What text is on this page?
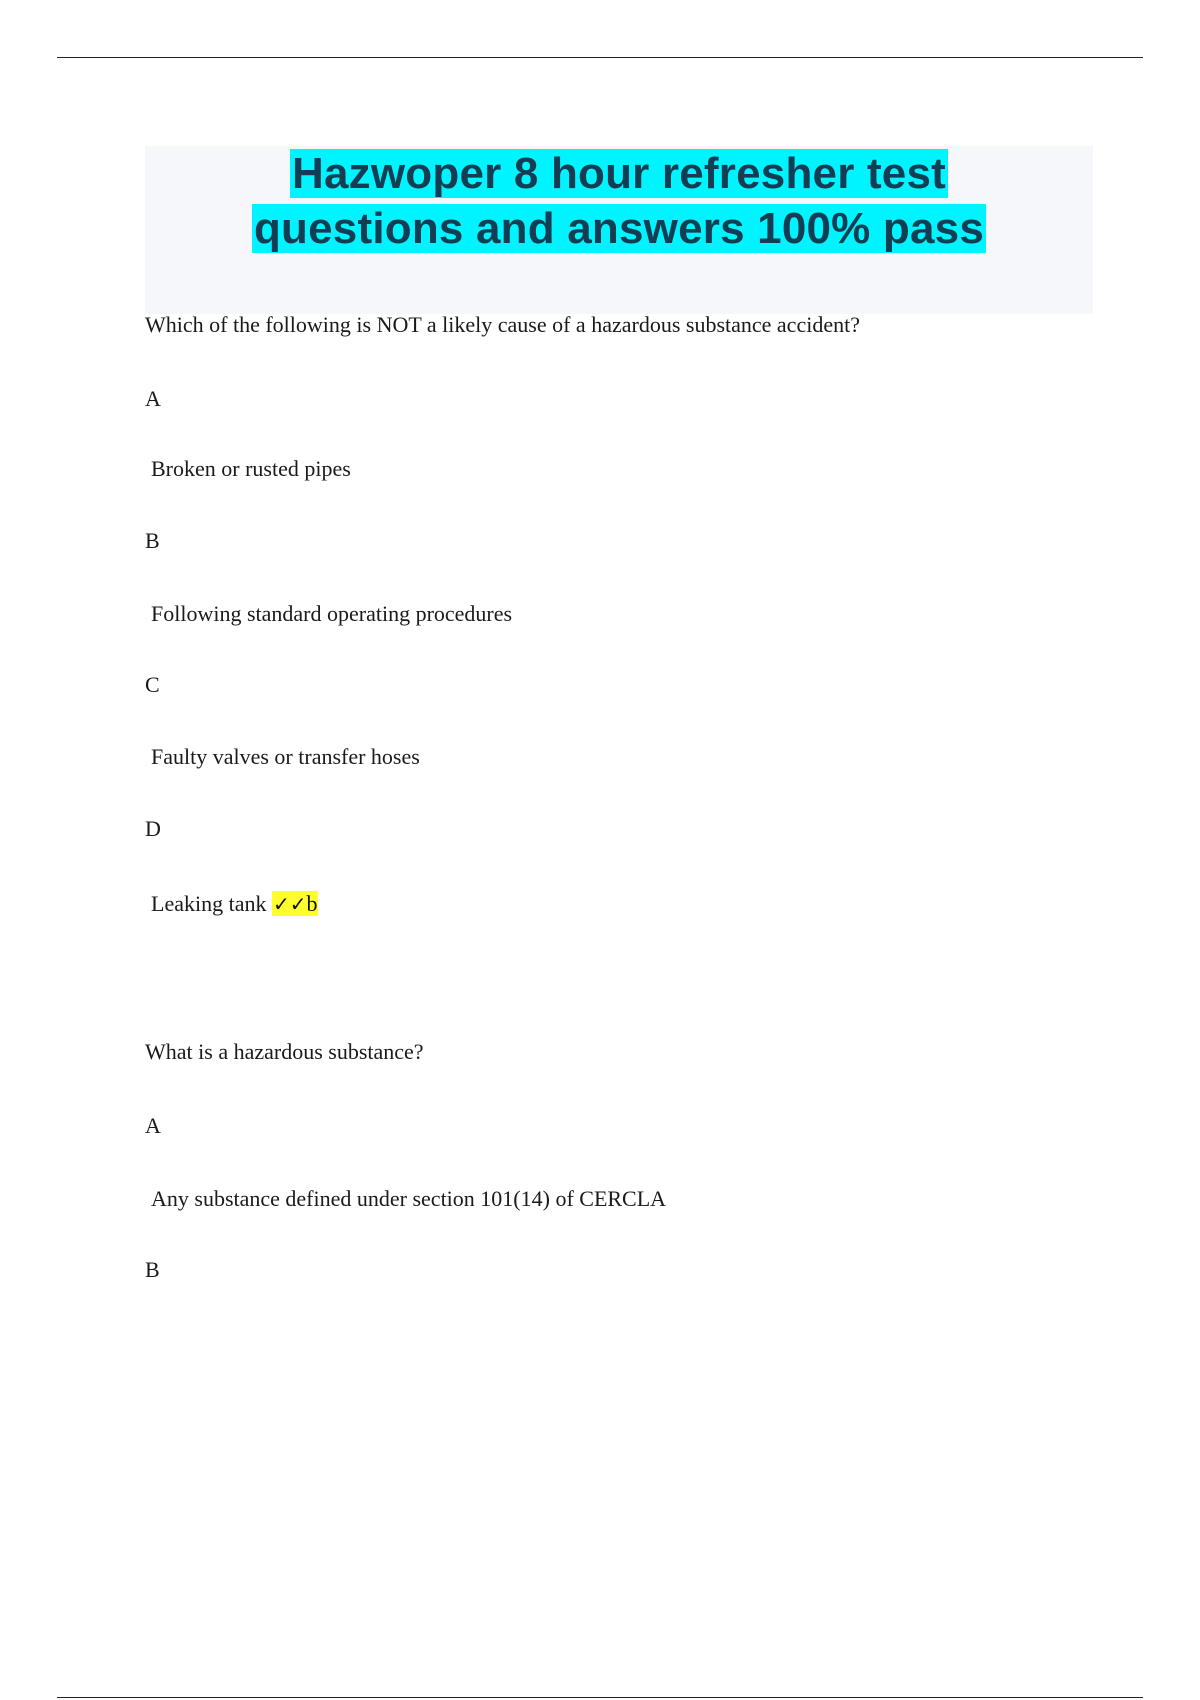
Hazwoper 8 hour refresher test
questions and answers 100% pass

Which of the following is NOT a likely cause of a hazardous substance accident?

A

Broken or rusted pipes

B

Following standard operating procedures

C

Faulty valves or transfer hoses

D

Leaking tank ✓✓b

What is a hazardous substance?

A

Any substance defined under section 101(14) of CERCLA

B
